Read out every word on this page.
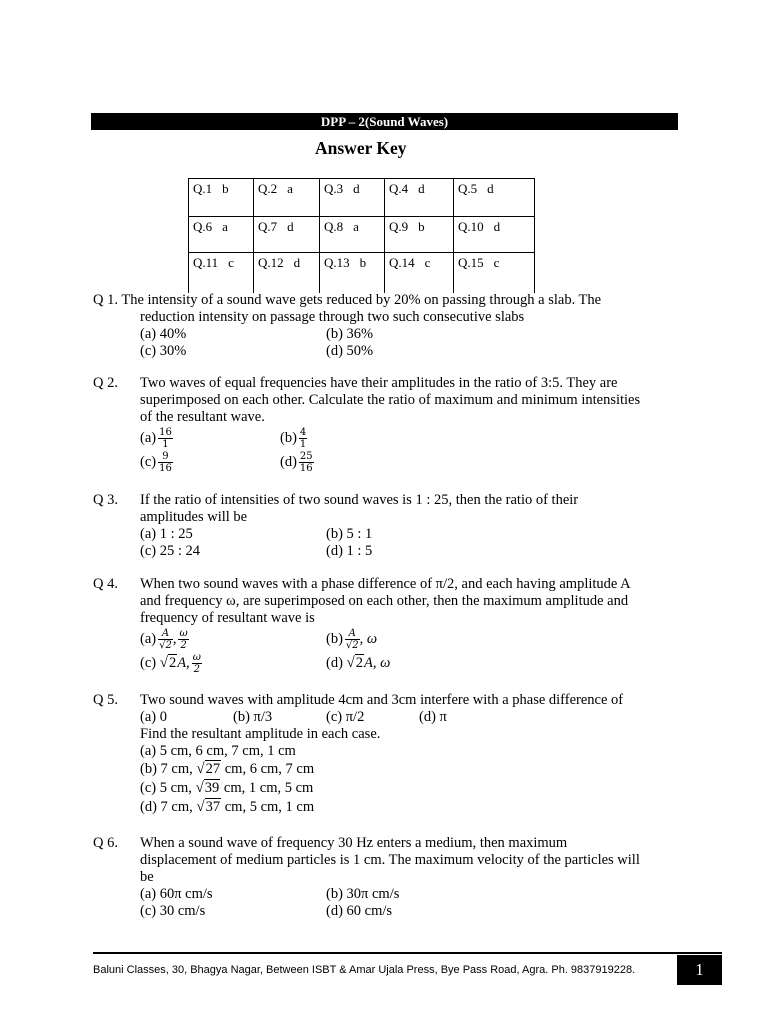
DPP – 2(Sound Waves)
Answer Key
Q.1 b	Q.2 a	Q.3 d	Q.4 d	Q.5 d
Q.6 a	Q.7 d	Q.8 a	Q.9 b	Q.10 d
Q.11 c	Q.12 d	Q.13 b	Q.14 c	Q.15 c
Q 1. The intensity of a sound wave gets reduced by 20% on passing through a slab. The
reduction intensity on passage through two such consecutive slabs
(a) 40%	(b) 36%
(c) 30%	(d) 50%
Q 2. Two waves of equal frequencies have their amplitudes in the ratio of 3:5. They are
superimposed on each other. Calculate the ratio of maximum and minimum intensities
of the resultant wave.
$(a) \frac{16}{1}$	$(b) \frac{4}{1}$
$(c) \frac{9}{16}$	$(d) \frac{25}{16}$
Q 3. If the ratio of intensities of two sound waves is 1 : 25, then the ratio of their
amplitudes will be
(a) 1 : 25	(b) 5 : 1
(c) 25 : 24	(d) 1 : 5
Q 4. When two sound waves with a phase difference of π/2, and each having amplitude A
and frequency ω, are superimposed on each other, then the maximum amplitude and
frequency of resultant wave is
$(a) \frac{A}{√2}$ , $\frac{\omega}{2}$	$(b) \frac{A}{√2}$ , ω
(c) √2A, $\frac{\omega}{2}$	(d) √2A, ω
Q 5. Two sound waves with amplitude 4cm and 3cm interfere with a phase difference of
(a) 0	(b) π/3	(c) π/2	(d) π
Find the resultant amplitude in each case.
(a) 5 cm, 6 cm, 7 cm, 1 cm
(b) 7 cm, √27 cm, 6 cm, 7 cm
(c) 5 cm, √39 cm, 1 cm, 5 cm
(d) 7 cm, √37 cm, 5 cm, 1 cm
Q 6. When a sound wave of frequency 30 Hz enters a medium, then maximum
displacement of medium particles is 1 cm. The maximum velocity of the particles will
be
(a) 60π cm/s	(b) 30π cm/s
(c) 30 cm/s	(d) 60 cm/s
Baluni Classes, 30, Bhagya Nagar, Between ISBT & Amar Ujala Press, Bye Pass Road, Agra. Ph. 9837919228.	1
